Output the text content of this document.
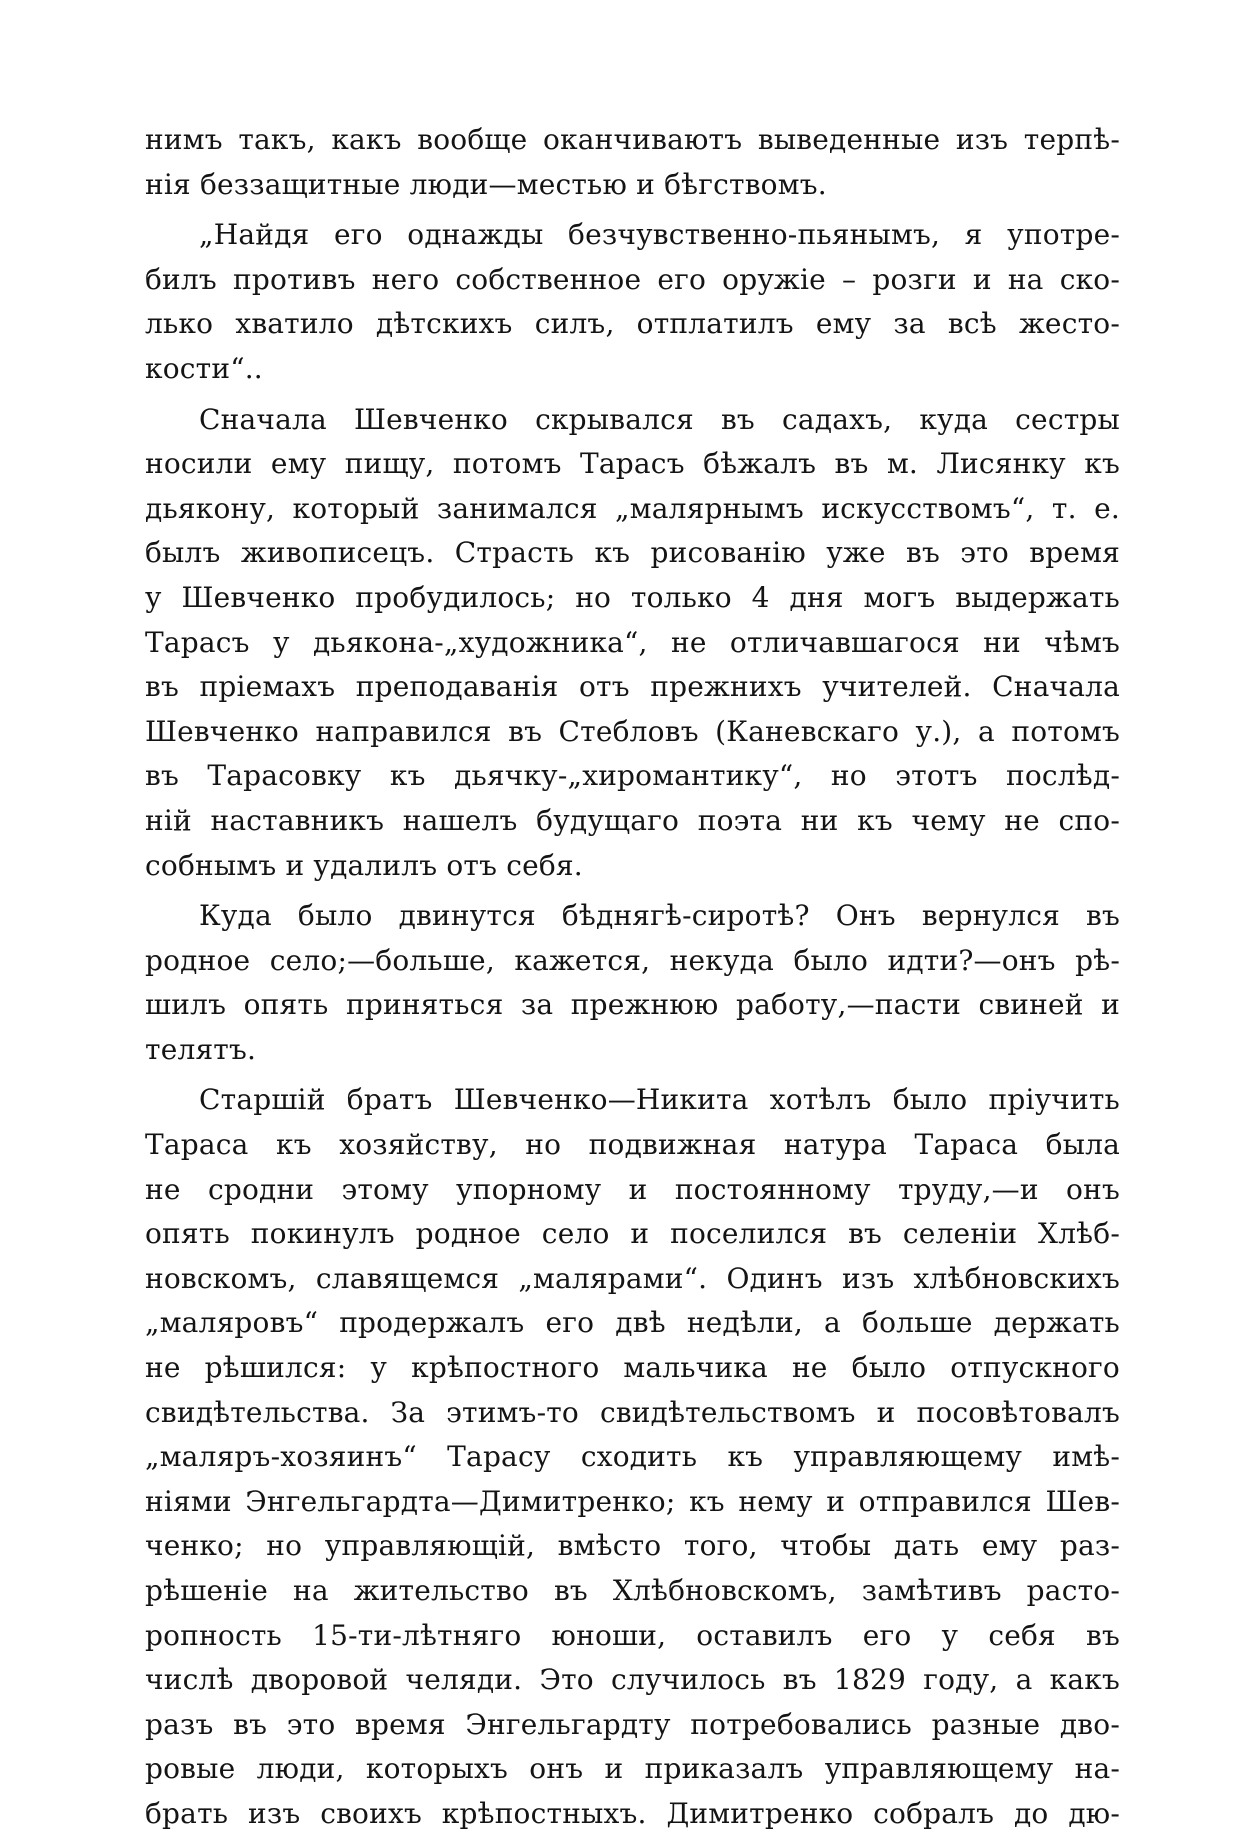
нимъ такъ, какъ вообще оканчиваютъ выведенные изъ терпѣ-
нія беззащитные люди—местью и бѣгствомъ.
„Найдя его однажды безчувственно-пьянымъ, я употре-
билъ противъ него собственное его оружіе – розги и на ско-
лько хватило дѣтскихъ силъ, отплатилъ ему за всѣ жесто-
кости“..
Сначала Шевченко скрывался въ садахъ, куда сестры
носили ему пищу, потомъ Тарасъ бѣжалъ въ м. Лисянку къ
дьякону, который занимался „малярнымъ искусствомъ“, т. е.
былъ живописецъ. Страсть къ рисованію уже въ это время
у Шевченко пробудилось; но только 4 дня могъ выдержать
Тарасъ у дьякона-„художника“, не отличавшагося ни чѣмъ
въ пріемахъ преподаванія отъ прежнихъ учителей. Сначала
Шевченко направился въ Стебловъ (Каневскаго у.), а потомъ
въ Тарасовку къ дьячку-„хиромантику“, но этотъ послѣд-
ній наставникъ нашелъ будущаго поэта ни къ чему не спо-
собнымъ и удалилъ отъ себя.
Куда было двинутся бѣднягѣ-сиротѣ? Онъ вернулся въ
родное село;—больше, кажется, некуда было идти?—онъ рѣ-
шилъ опять приняться за прежнюю работу,—пасти свиней и
телятъ.
Старшій братъ Шевченко—Никита хотѣлъ было пріучить
Тараса къ хозяйству, но подвижная натура Тараса была
не сродни этому упорному и постоянному труду,—и онъ
опять покинулъ родное село и поселился въ селеніи Хлѣб-
новскомъ, славящемся „малярами“. Одинъ изъ хлѣбновскихъ
„маляровъ“ продержалъ его двѣ недѣли, а больше держать
не рѣшился: у крѣпостного мальчика не было отпускного
свидѣтельства. За этимъ-то свидѣтельствомъ и посовѣтовалъ
„маляръ-хозяинъ“ Тарасу сходить къ управляющему имѣ-
ніями Энгельгардта—Димитренко; къ нему и отправился Шев-
ченко; но управляющій, вмѣсто того, чтобы дать ему раз-
рѣшеніе на жительство въ Хлѣбновскомъ, замѣтивъ расто-
ропность 15-ти-лѣтняго юноши, оставилъ его у себя въ
числѣ дворовой челяди. Это случилось въ 1829 году, а какъ
разъ въ это время Энгельгардту потребовались разные дво-
ровые люди, которыхъ онъ и приказалъ управляющему на-
брать изъ своихъ крѣпостныхъ. Димитренко собралъ до дю-
